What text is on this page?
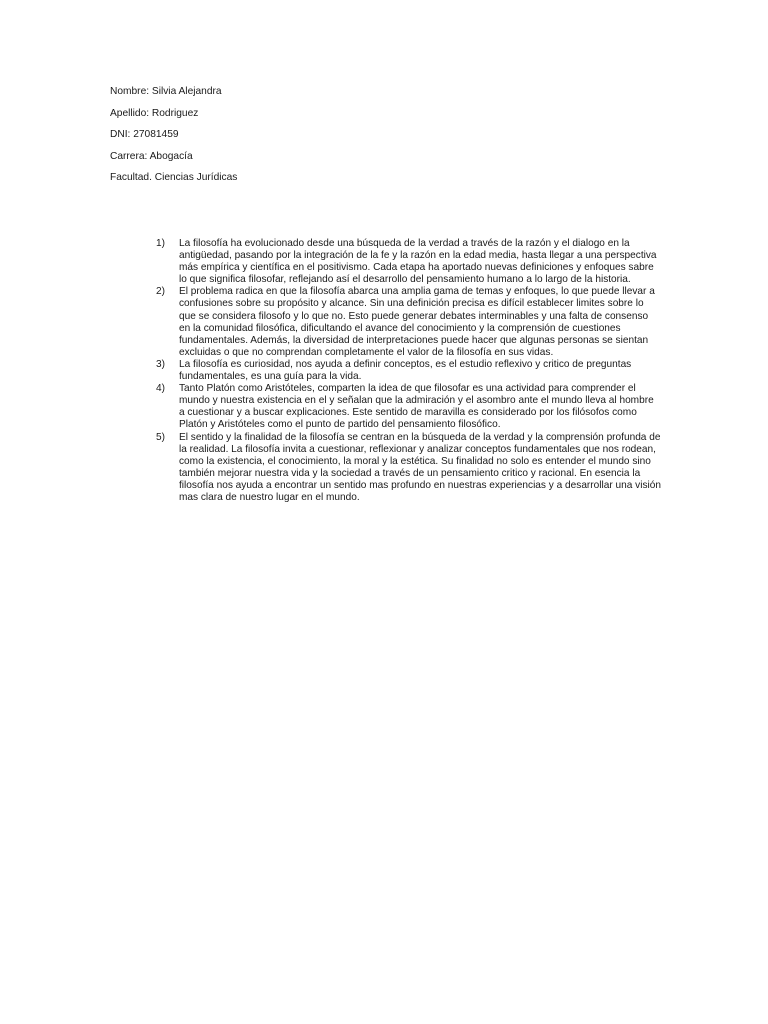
Nombre: Silvia Alejandra
Apellido: Rodriguez
DNI: 27081459
Carrera: Abogacía
Facultad. Ciencias Jurídicas
1)	La filosofía ha evolucionado desde una búsqueda de la verdad a través de la razón y el dialogo en la antigüedad, pasando por la integración de la fe y la razón en la edad media, hasta llegar a una perspectiva más empírica y científica en el positivismo. Cada etapa ha aportado nuevas definiciones y enfoques sabre lo que significa filosofar, reflejando así el desarrollo del pensamiento humano a lo largo de la historia.
2)	El problema radica en que la filosofía abarca una amplia gama de temas y enfoques, lo que puede llevar a confusiones sobre su propósito y alcance. Sin una definición precisa es difícil establecer limites sobre lo que se considera filosofo y lo que no. Esto puede generar debates interminables y una falta de consenso en la comunidad filosófica, dificultando el avance del conocimiento y la comprensión de cuestiones fundamentales. Además, la diversidad de interpretaciones puede hacer que algunas personas se sientan excluidas o que no comprendan completamente el valor de la filosofía en sus vidas.
3)	La filosofía es curiosidad, nos ayuda a definir conceptos, es el estudio reflexivo y critico de preguntas fundamentales, es una guía para la vida.
4)	Tanto Platón como Aristóteles, comparten la idea de que filosofar es una actividad para comprender el mundo y nuestra existencia en el y señalan que la admiración y el asombro ante el mundo lleva al hombre a cuestionar y a buscar explicaciones. Este sentido de maravilla es considerado por los filósofos como Platón y Aristóteles como el punto de partido del pensamiento filosófico.
5)	El sentido y la finalidad de la filosofía se centran en la búsqueda de la verdad y la comprensión profunda de la realidad. La filosofía invita a cuestionar, reflexionar y analizar conceptos fundamentales que nos rodean, como la existencia, el conocimiento, la moral y la estética. Su finalidad no solo es entender el mundo sino también mejorar nuestra vida y la sociedad a través de un pensamiento critico y racional. En esencia la filosofía nos ayuda a encontrar un sentido mas profundo en nuestras experiencias y a desarrollar una visión mas clara de nuestro lugar en el mundo.
